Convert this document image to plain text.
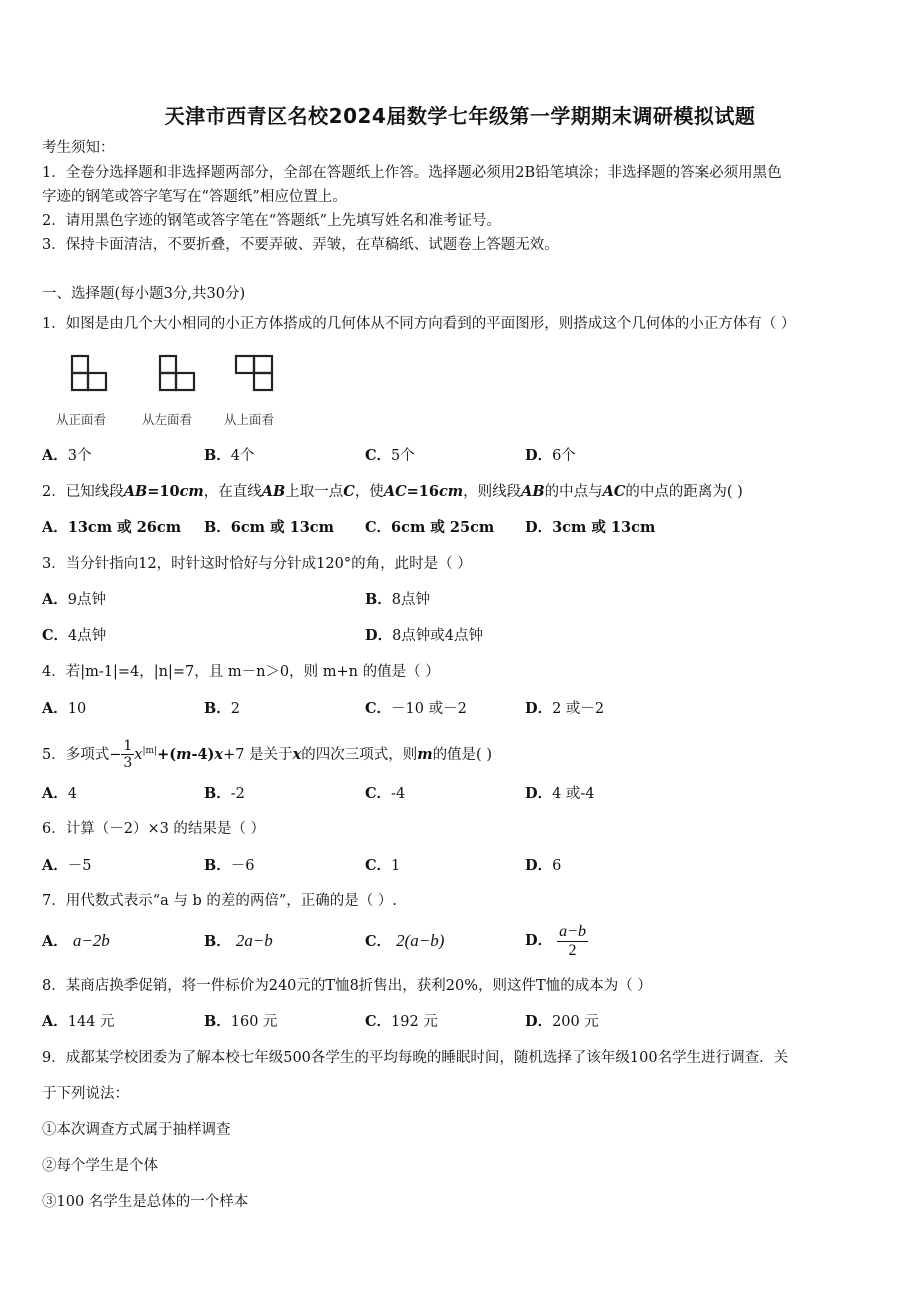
天津市西青区名校2024届数学七年级第一学期期末调研模拟试题
考生须知：
1．全卷分选择题和非选择题两部分，全部在答题纸上作答。选择题必须用2B铅笔填涂；非选择题的答案必须用黑色
字迹的钢笔或答字笔写在“答题纸”相应位置上。
2．请用黑色字迹的钢笔或答字笔在“答题纸”上先填写姓名和准考证号。
3．保持卡面清洁，不要折叠，不要弄破、弄皱，在草稿纸、试题卷上答题无效。
一、选择题(每小题3分,共30分)
1．如图是由几个大小相同的小正方体搭成的几何体从不同方向看到的平面图形，则搭成这个几何体的小正方体有（ ）
从正面看	从左面看	从上面看
A．3个	B．4个	C．5个	D．6个
2．已知线段AB=10cm，在直线AB上取一点C，使AC=16cm，则线段AB的中点与AC的中点的距离为( )
A．13cm 或 26cm B．6cm 或 13cm C．6cm 或 25cm D．3cm 或 13cm
3．当分针指向12，时针这时恰好与分针成120°的角，此时是（ ）
A．9点钟	B．8点钟
C．4点钟	D．8点钟或4点钟
4．若|m-1|=4，|n|=7，且 m－n＞0，则 m+n 的值是（ ）
A．10	B．2	C．－10 或－2	D．2 或－2
5．多项式− $\frac{1}{3} x^{|m|}+(m-4)x+7$ 是关于x的四次三项式，则m的值是( )
A．4	B．-2	C．-4	D．4 或-4
6．计算（－2）×3 的结果是（ ）
A．－5	B．－6	C．1	D．6
7．用代数式表示“a 与 b 的差的两倍”，正确的是（ ）.
A． a−2b	B． 2a−b	C． 2(a−b)	D． $\frac{a-b}{2}$
8．某商店换季促销，将一件标价为240元的T恤8折售出，获利20%，则这件T恤的成本为（ ）
A．144 元	B．160 元	C．192 元	D．200 元
9．成都某学校团委为了解本校七年级500各学生的平均每晚的睡眠时间，随机选择了该年级100名学生进行调查．关
于下列说法：
①本次调查方式属于抽样调查
②每个学生是个体
③100 名学生是总体的一个样本
